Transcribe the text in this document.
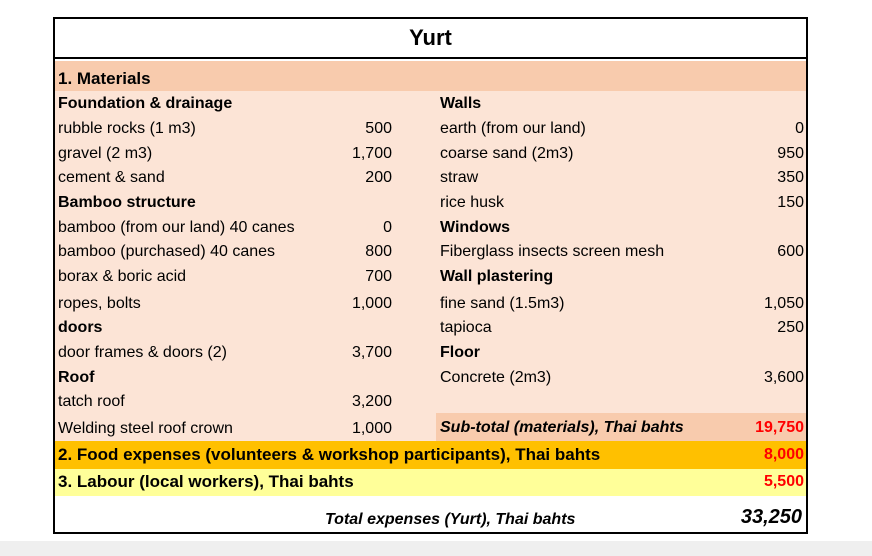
Yurt
1. Materials
Foundation & drainage
rubble rocks (1 m3)	500
gravel (2 m3)	1,700
cement & sand	200
Bamboo structure
bamboo (from our land) 40 canes	0
bamboo (purchased) 40 canes	800
borax & boric acid	700
ropes, bolts	1,000
doors
door frames & doors (2)	3,700
Roof
tatch roof	3,200
Welding steel roof crown	1,000
Walls
earth (from our land)	0
coarse sand (2m3)	950
straw	350
rice husk	150
Windows
Fiberglass insects screen mesh	600
Wall plastering
fine sand (1.5m3)	1,050
tapioca	250
Floor
Concrete (2m3)	3,600
Sub-total (materials), Thai bahts	19,750
2. Food expenses (volunteers & workshop participants), Thai bahts	8,000
3. Labour (local workers), Thai bahts	5,500
Total expenses (Yurt), Thai bahts	33,250
